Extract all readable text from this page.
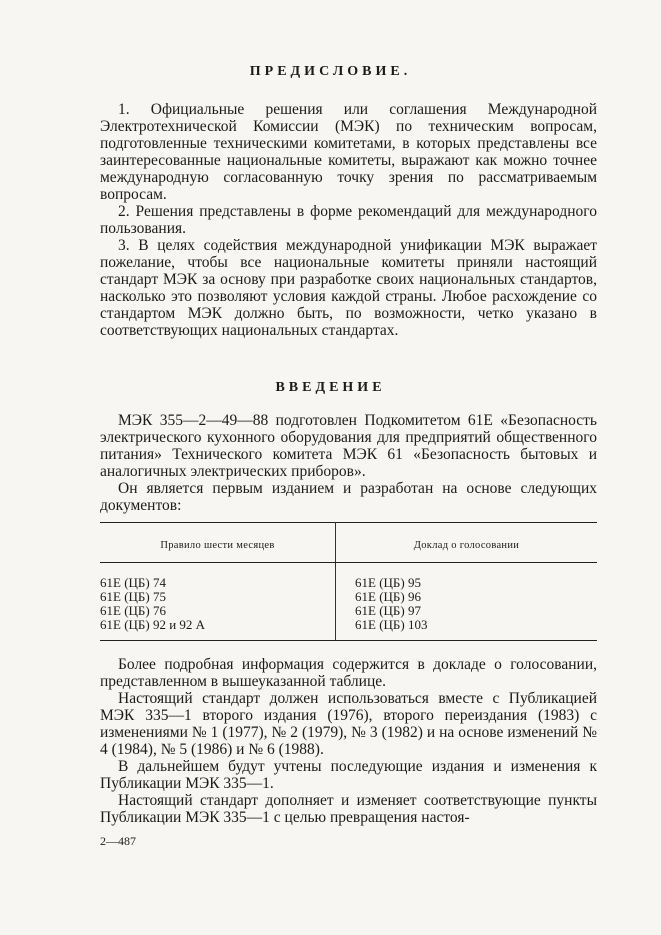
ПРЕДИСЛОВИЕ.

1. Официальные решения или соглашения Международной Электротехнической Комиссии (МЭК) по техническим вопросам, подготовленные техническими комитетами, в которых представлены все заинтересованные национальные комитеты, выражают как можно точнее международную согласованную точку зрения по рассматриваемым вопросам.

2. Решения представлены в форме рекомендаций для международного пользования.

3. В целях содействия международной унификации МЭК выражает пожелание, чтобы все национальные комитеты приняли настоящий стандарт МЭК за основу при разработке своих национальных стандартов, насколько это позволяют условия каждой страны. Любое расхождение со стандартом МЭК должно быть, по возможности, четко указано в соответствующих национальных стандартах.

ВВЕДЕНИЕ

МЭК 355—2—49—88 подготовлен Подкомитетом 61Е «Безопасность электрического кухонного оборудования для предприятий общественного питания» Технического комитета МЭК 61 «Безопасность бытовых и аналогичных электрических приборов».

Он является первым изданием и разработан на основе следующих документов:

Правило шести месяцев	Доклад о голосовании
61E (ЦБ) 74
61E (ЦБ) 75
61E (ЦБ) 76
61E (ЦБ) 92 и 92 А
61E (ЦБ) 95
61E (ЦБ) 96
61E (ЦБ) 97
61E (ЦБ) 103

Более подробная информация содержится в докладе о голосовании, представленном в вышеуказанной таблице.

Настоящий стандарт должен использоваться вместе с Публикацией МЭК 335—1 второго издания (1976), второго переиздания (1983) с изменениями № 1 (1977), № 2 (1979), № 3 (1982) и на основе изменений № 4 (1984), № 5 (1986) и № 6 (1988).

В дальнейшем будут учтены последующие издания и изменения к Публикации МЭК 335—1.

Настоящий стандарт дополняет и изменяет соответствующие пункты Публикации МЭК 335—1 с целью превращения настоя-

2—487
